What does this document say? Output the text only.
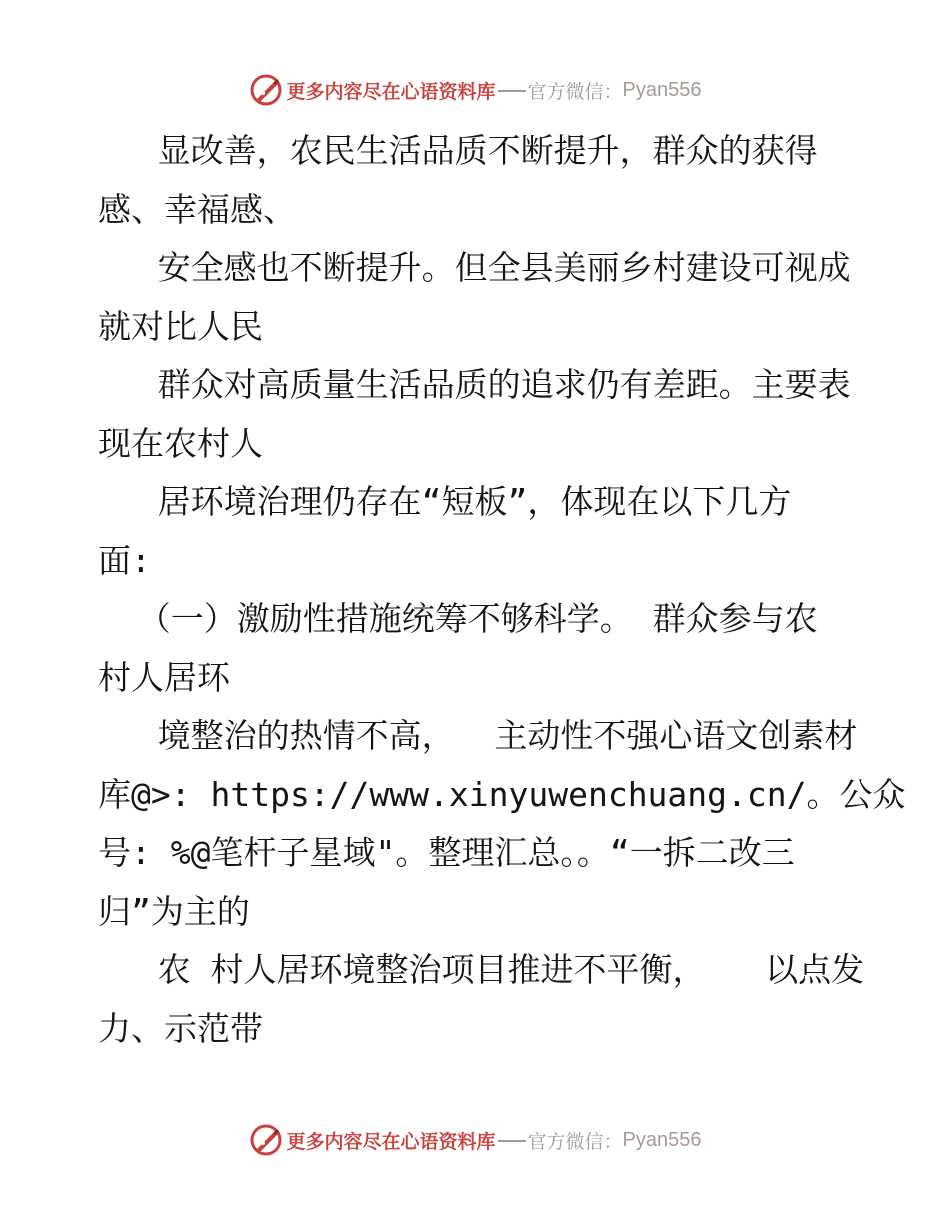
更多内容尽在心语资料库 官方微信： Pyan556
显改善，农民生活品质不断提升，群众的获得
感、幸福感、
安全感也不断提升。但全县美丽乡村建设可视成
就对比人民
群众对高质量生活品质的追求仍有差距。主要表
现在农村人
居环境治理仍存在“短板”，体现在以下几方
面:
（一）激励性措施统筹不够科学。 群众参与农
村人居环
境整治的热情不高，  主动性不强心语文创素材
库@>: https://www.xinyuwenchuang.cn/。公众
号: %@笔杆子星域"。整理汇总。。“一拆二改三
归”为主的
农 村人居环境整治项目推进不平衡，   以点发
力、示范带
更多内容尽在心语资料库 官方微信： Pyan556
